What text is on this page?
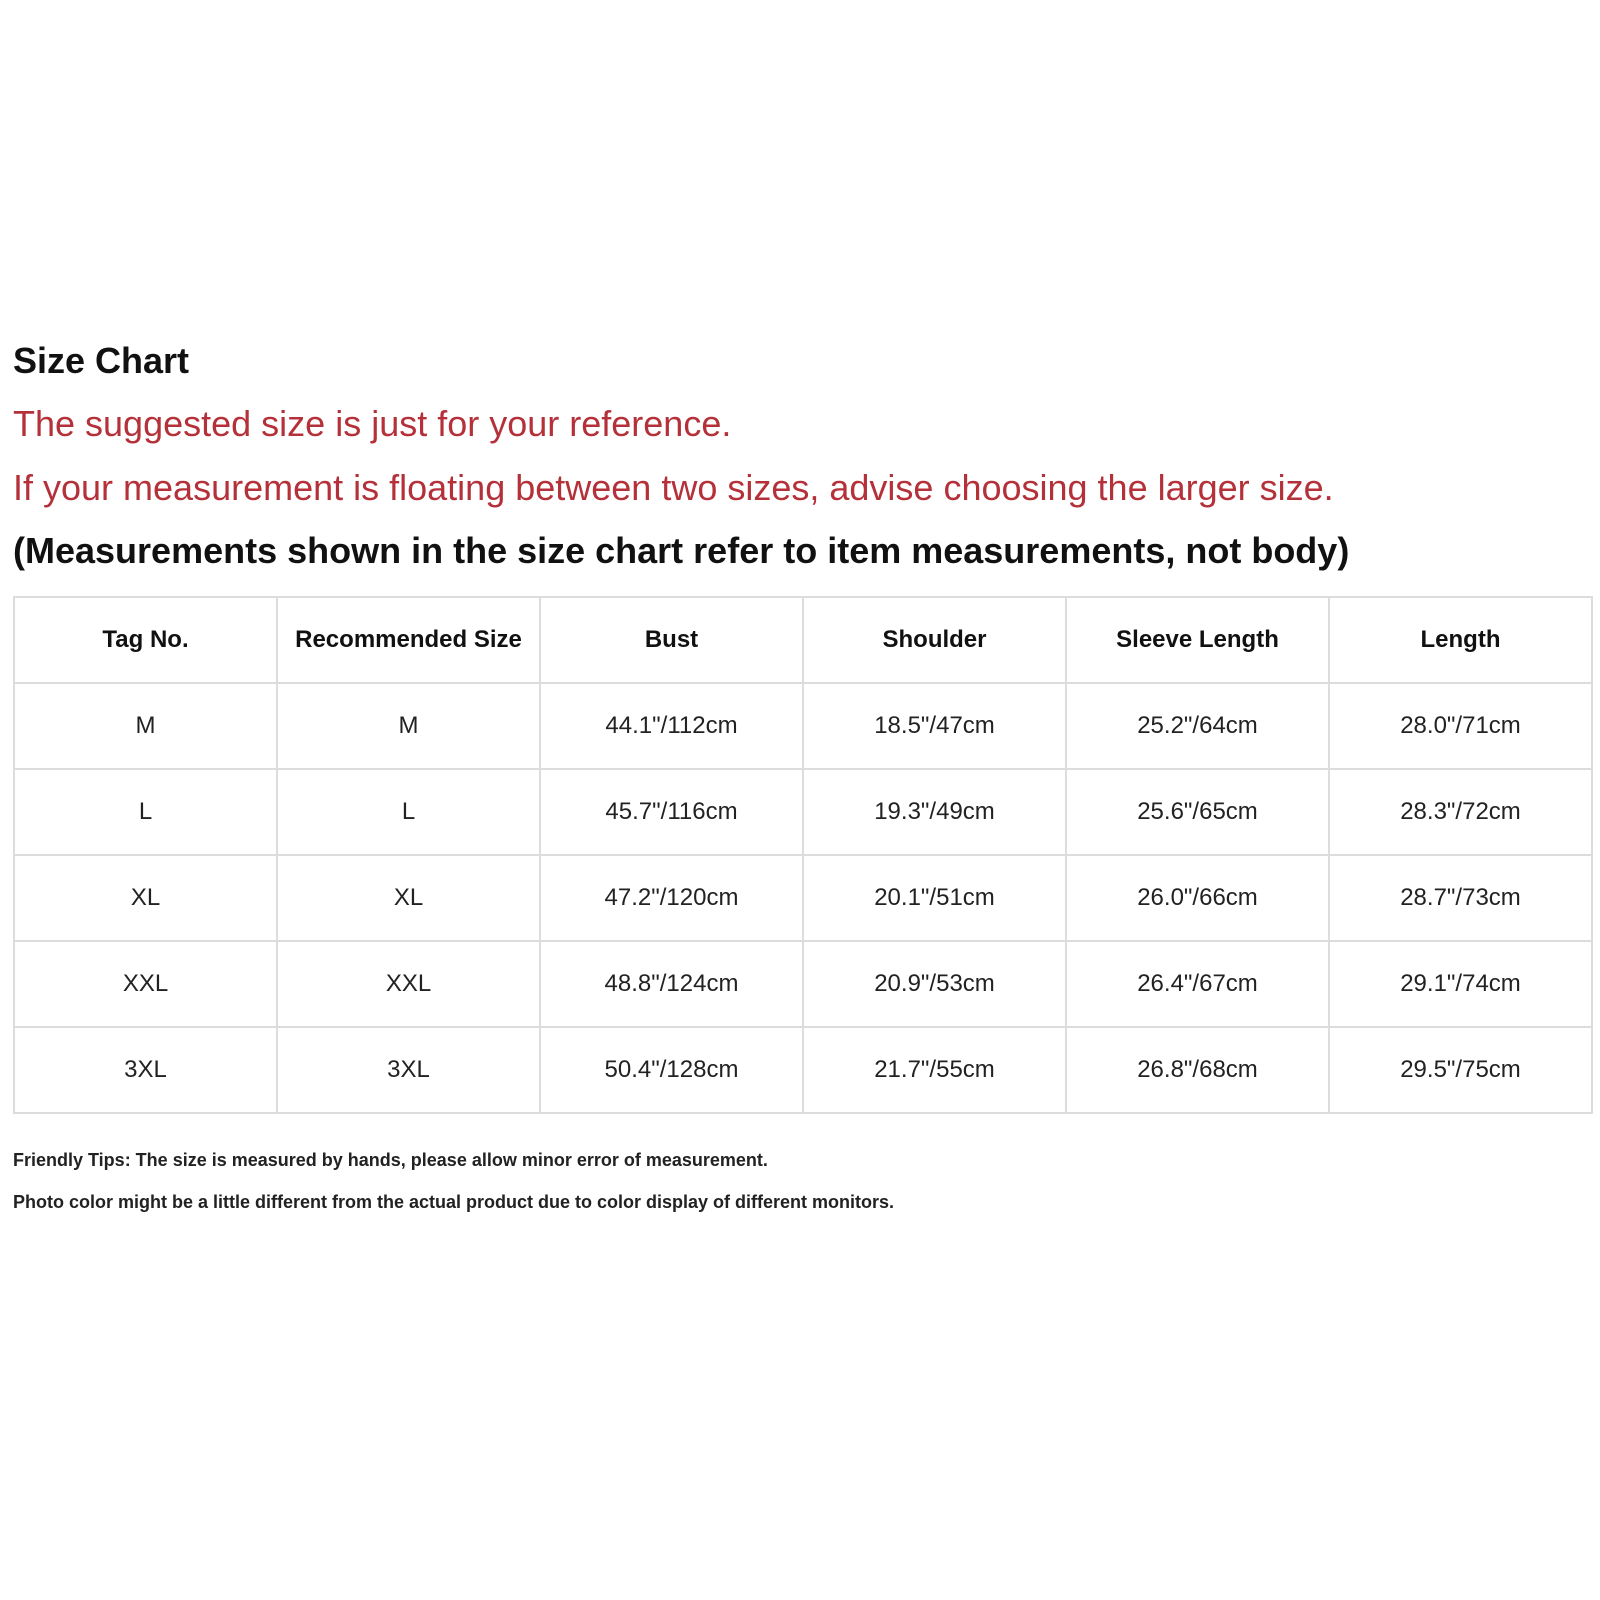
Size Chart

The suggested size is just for your reference.

If your measurement is floating between two sizes, advise choosing the larger size.

(Measurements shown in the size chart refer to item measurements, not body)

Tag No.	Recommended Size	Bust	Shoulder	Sleeve Length	Length
M	M	44.1"/112cm	18.5"/47cm	25.2"/64cm	28.0"/71cm
L	L	45.7"/116cm	19.3"/49cm	25.6"/65cm	28.3"/72cm
XL	XL	47.2"/120cm	20.1"/51cm	26.0"/66cm	28.7"/73cm
XXL	XXL	48.8"/124cm	20.9"/53cm	26.4"/67cm	29.1"/74cm
3XL	3XL	50.4"/128cm	21.7"/55cm	26.8"/68cm	29.5"/75cm

Friendly Tips: The size is measured by hands, please allow minor error of measurement.

Photo color might be a little different from the actual product due to color display of different monitors.
